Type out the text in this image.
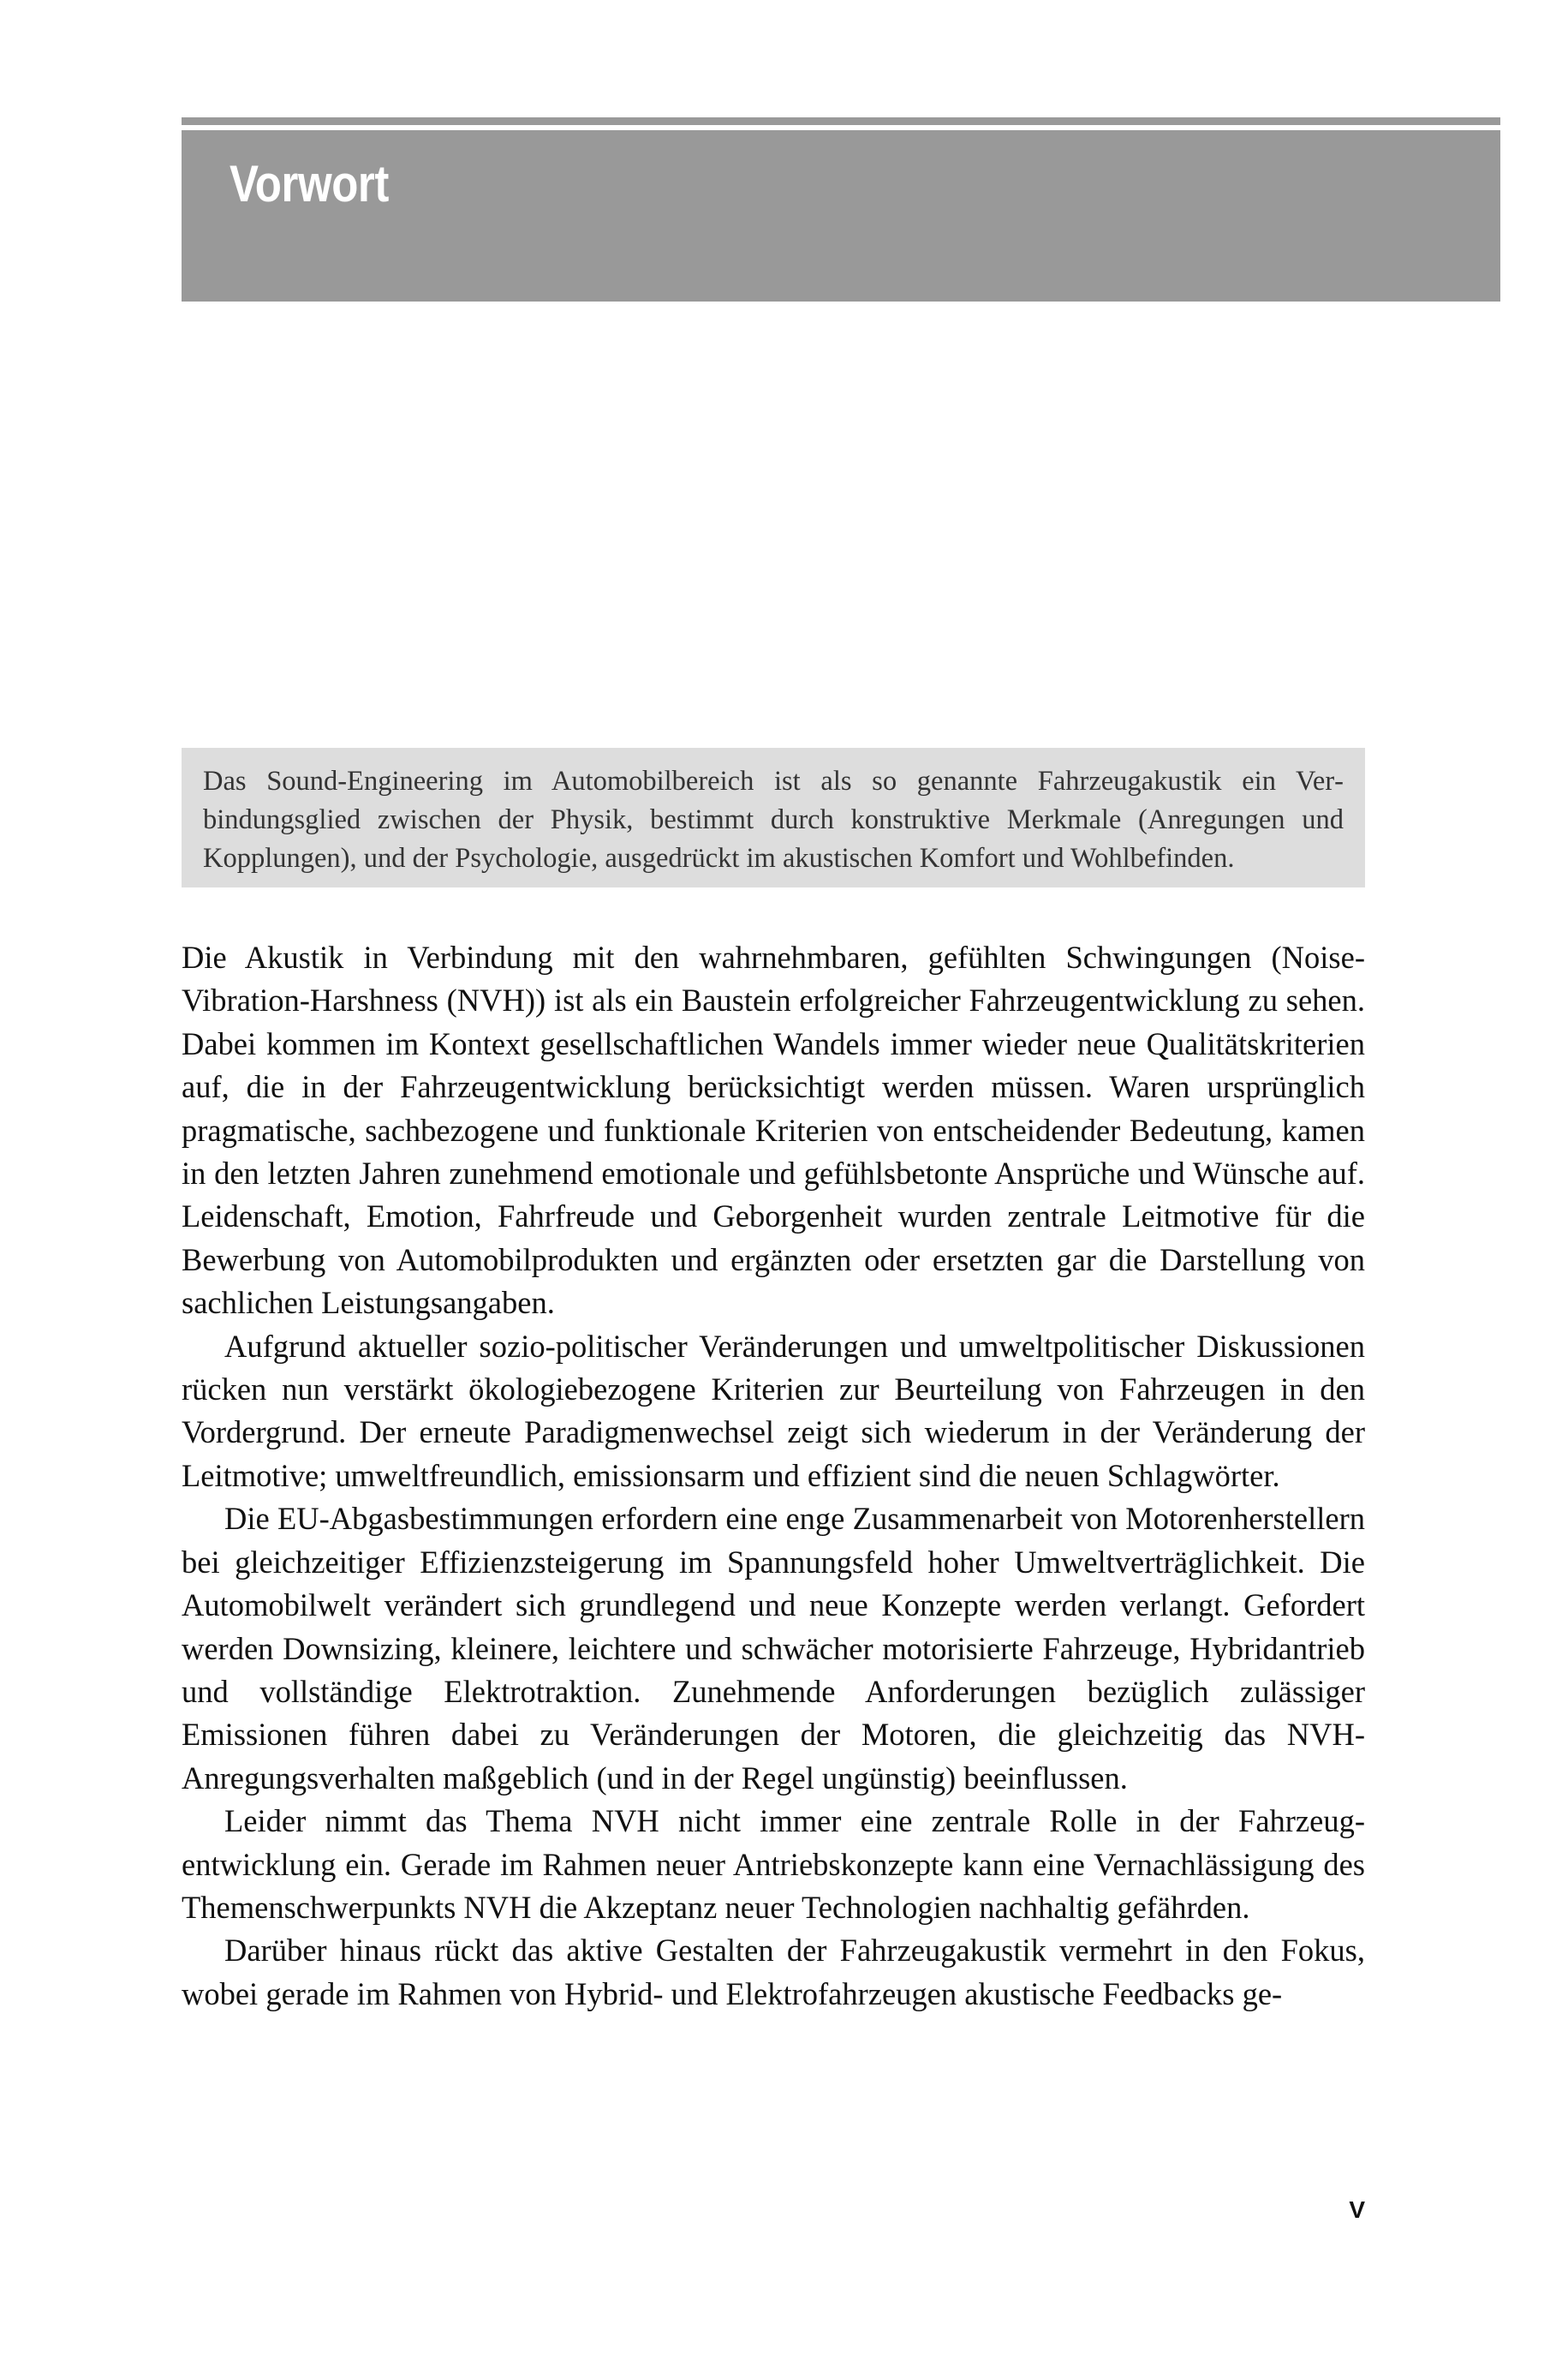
Vorwort

Das Sound-Engineering im Automobilbereich ist als so genannte Fahrzeugakustik ein Verbindungsglied zwischen der Physik, bestimmt durch konstruktive Merkmale (Anregungen und Kopplungen), und der Psychologie, ausgedrückt im akustischen Komfort und Wohlbefinden.

Die Akustik in Verbindung mit den wahrnehmbaren, gefühlten Schwingungen (Noise-Vibration-Harshness (NVH)) ist als ein Baustein erfolgreicher Fahrzeugentwicklung zu sehen. Dabei kommen im Kontext gesellschaftlichen Wandels immer wieder neue Qualitätskriterien auf, die in der Fahrzeugentwicklung berücksichtigt werden müssen. Waren ursprünglich pragmatische, sachbezogene und funktionale Kriterien von entscheidender Bedeutung, kamen in den letzten Jahren zunehmend emotionale und gefühlsbetonte Ansprüche und Wünsche auf. Leidenschaft, Emotion, Fahrfreude und Geborgenheit wurden zentrale Leitmotive für die Bewerbung von Automobilprodukten und ergänzten oder ersetzten gar die Darstellung von sachlichen Leistungsangaben.

Aufgrund aktueller sozio-politischer Veränderungen und umweltpolitischer Diskussionen rücken nun verstärkt ökologiebezogene Kriterien zur Beurteilung von Fahrzeugen in den Vordergrund. Der erneute Paradigmenwechsel zeigt sich wiederum in der Veränderung der Leitmotive; umweltfreundlich, emissionsarm und effizient sind die neuen Schlagwörter.

Die EU-Abgasbestimmungen erfordern eine enge Zusammenarbeit von Motorenherstellern bei gleichzeitiger Effizienzsteigerung im Spannungsfeld hoher Umweltverträglichkeit. Die Automobilwelt verändert sich grundlegend und neue Konzepte werden verlangt. Gefordert werden Downsizing, kleinere, leichtere und schwächer motorisierte Fahrzeuge, Hybridantrieb und vollständige Elektrotraktion. Zunehmende Anforderungen bezüglich zulässiger Emissionen führen dabei zu Veränderungen der Motoren, die gleichzeitig das NVH-Anregungsverhalten maßgeblich (und in der Regel ungünstig) beeinflussen.

Leider nimmt das Thema NVH nicht immer eine zentrale Rolle in der Fahrzeugentwicklung ein. Gerade im Rahmen neuer Antriebskonzepte kann eine Vernachlässigung des Themenschwerpunkts NVH die Akzeptanz neuer Technologien nachhaltig gefährden.

Darüber hinaus rückt das aktive Gestalten der Fahrzeugakustik vermehrt in den Fokus, wobei gerade im Rahmen von Hybrid- und Elektrofahrzeugen akustische Feedbacks ge-

V
